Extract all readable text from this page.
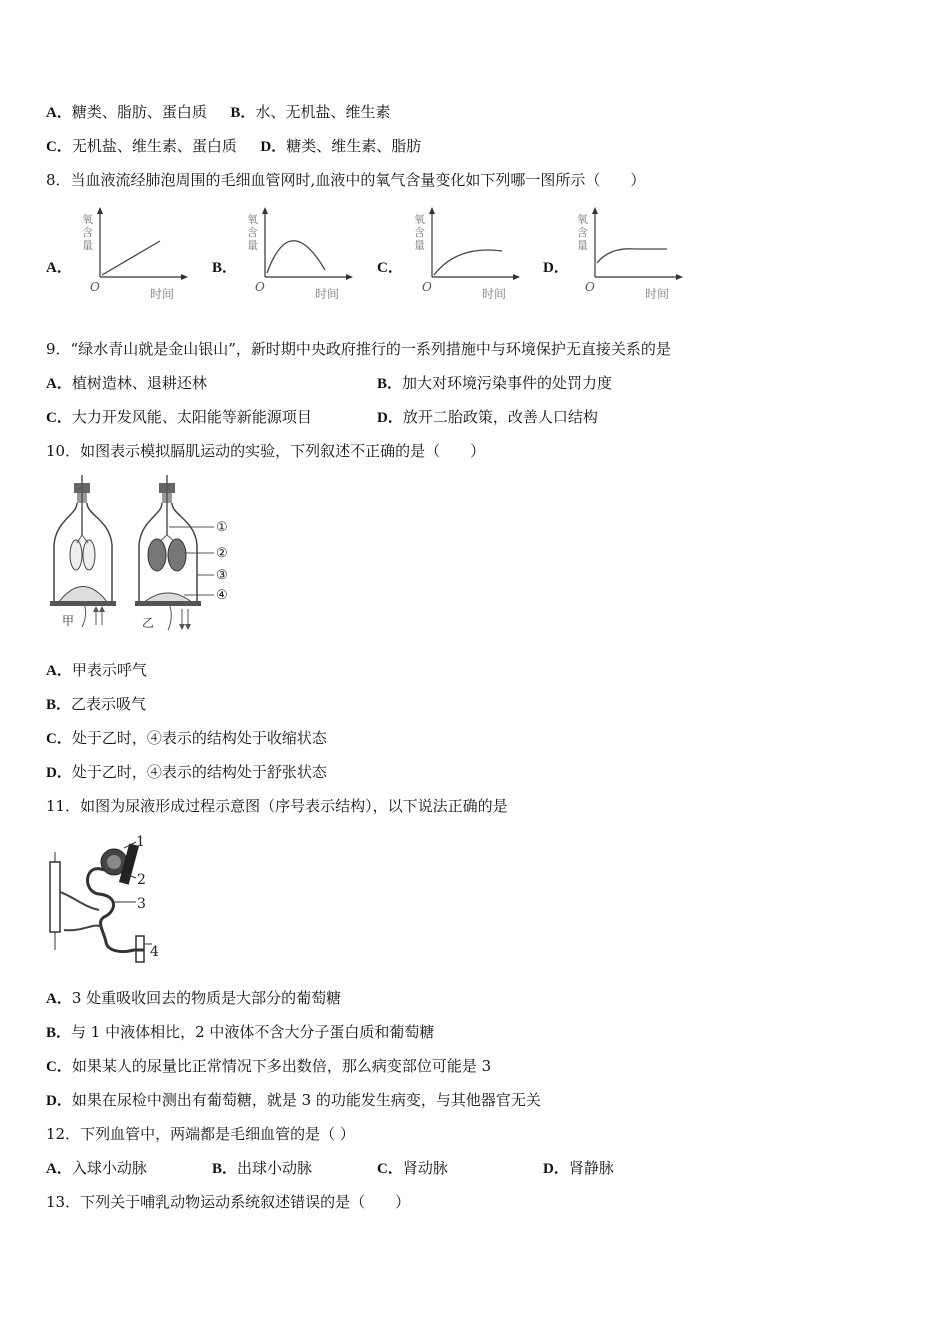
A．糖类、脂肪、蛋白质 B．水、无机盐、维生素
C．无机盐、维生素、蛋白质 D．糖类、维生素、脂肪
8．当血液流经肺泡周围的毛细血管网时,血液中的氧气含量变化如下列哪一图所示（　　）
A．	B．	C．	D．
氧
含
量
O	时间
氧
含
量
O	时间
氧
含
量
O	时间
氧
含
量
O	时间
9．“绿水青山就是金山银山”，新时期中央政府推行的一系列措施中与环境保护无直接关系的是
A．植树造林、退耕还林	B．加大对环境污染事件的处罚力度
C．大力开发风能、太阳能等新能源项目	D．放开二胎政策，改善人口结构
10．如图表示模拟膈肌运动的实验，下列叙述不正确的是（　　）
甲	乙
①
②
③
④
A．甲表示呼气
B．乙表示吸气
C．处于乙时，④表示的结构处于收缩状态
D．处于乙时，④表示的结构处于舒张状态
11．如图为尿液形成过程示意图（序号表示结构），以下说法正确的是
1
2
3
4
A．3 处重吸收回去的物质是大部分的葡萄糖
B．与 1 中液体相比，2 中液体不含大分子蛋白质和葡萄糖
C．如果某人的尿量比正常情况下多出数倍，那么病变部位可能是 3
D．如果在尿检中测出有葡萄糖，就是 3 的功能发生病变，与其他器官无关
12．下列血管中，两端都是毛细血管的是（ ）
A．入球小动脉	B．出球小动脉	C．肾动脉	D．肾静脉
13．下列关于哺乳动物运动系统叙述错误的是（　　）
